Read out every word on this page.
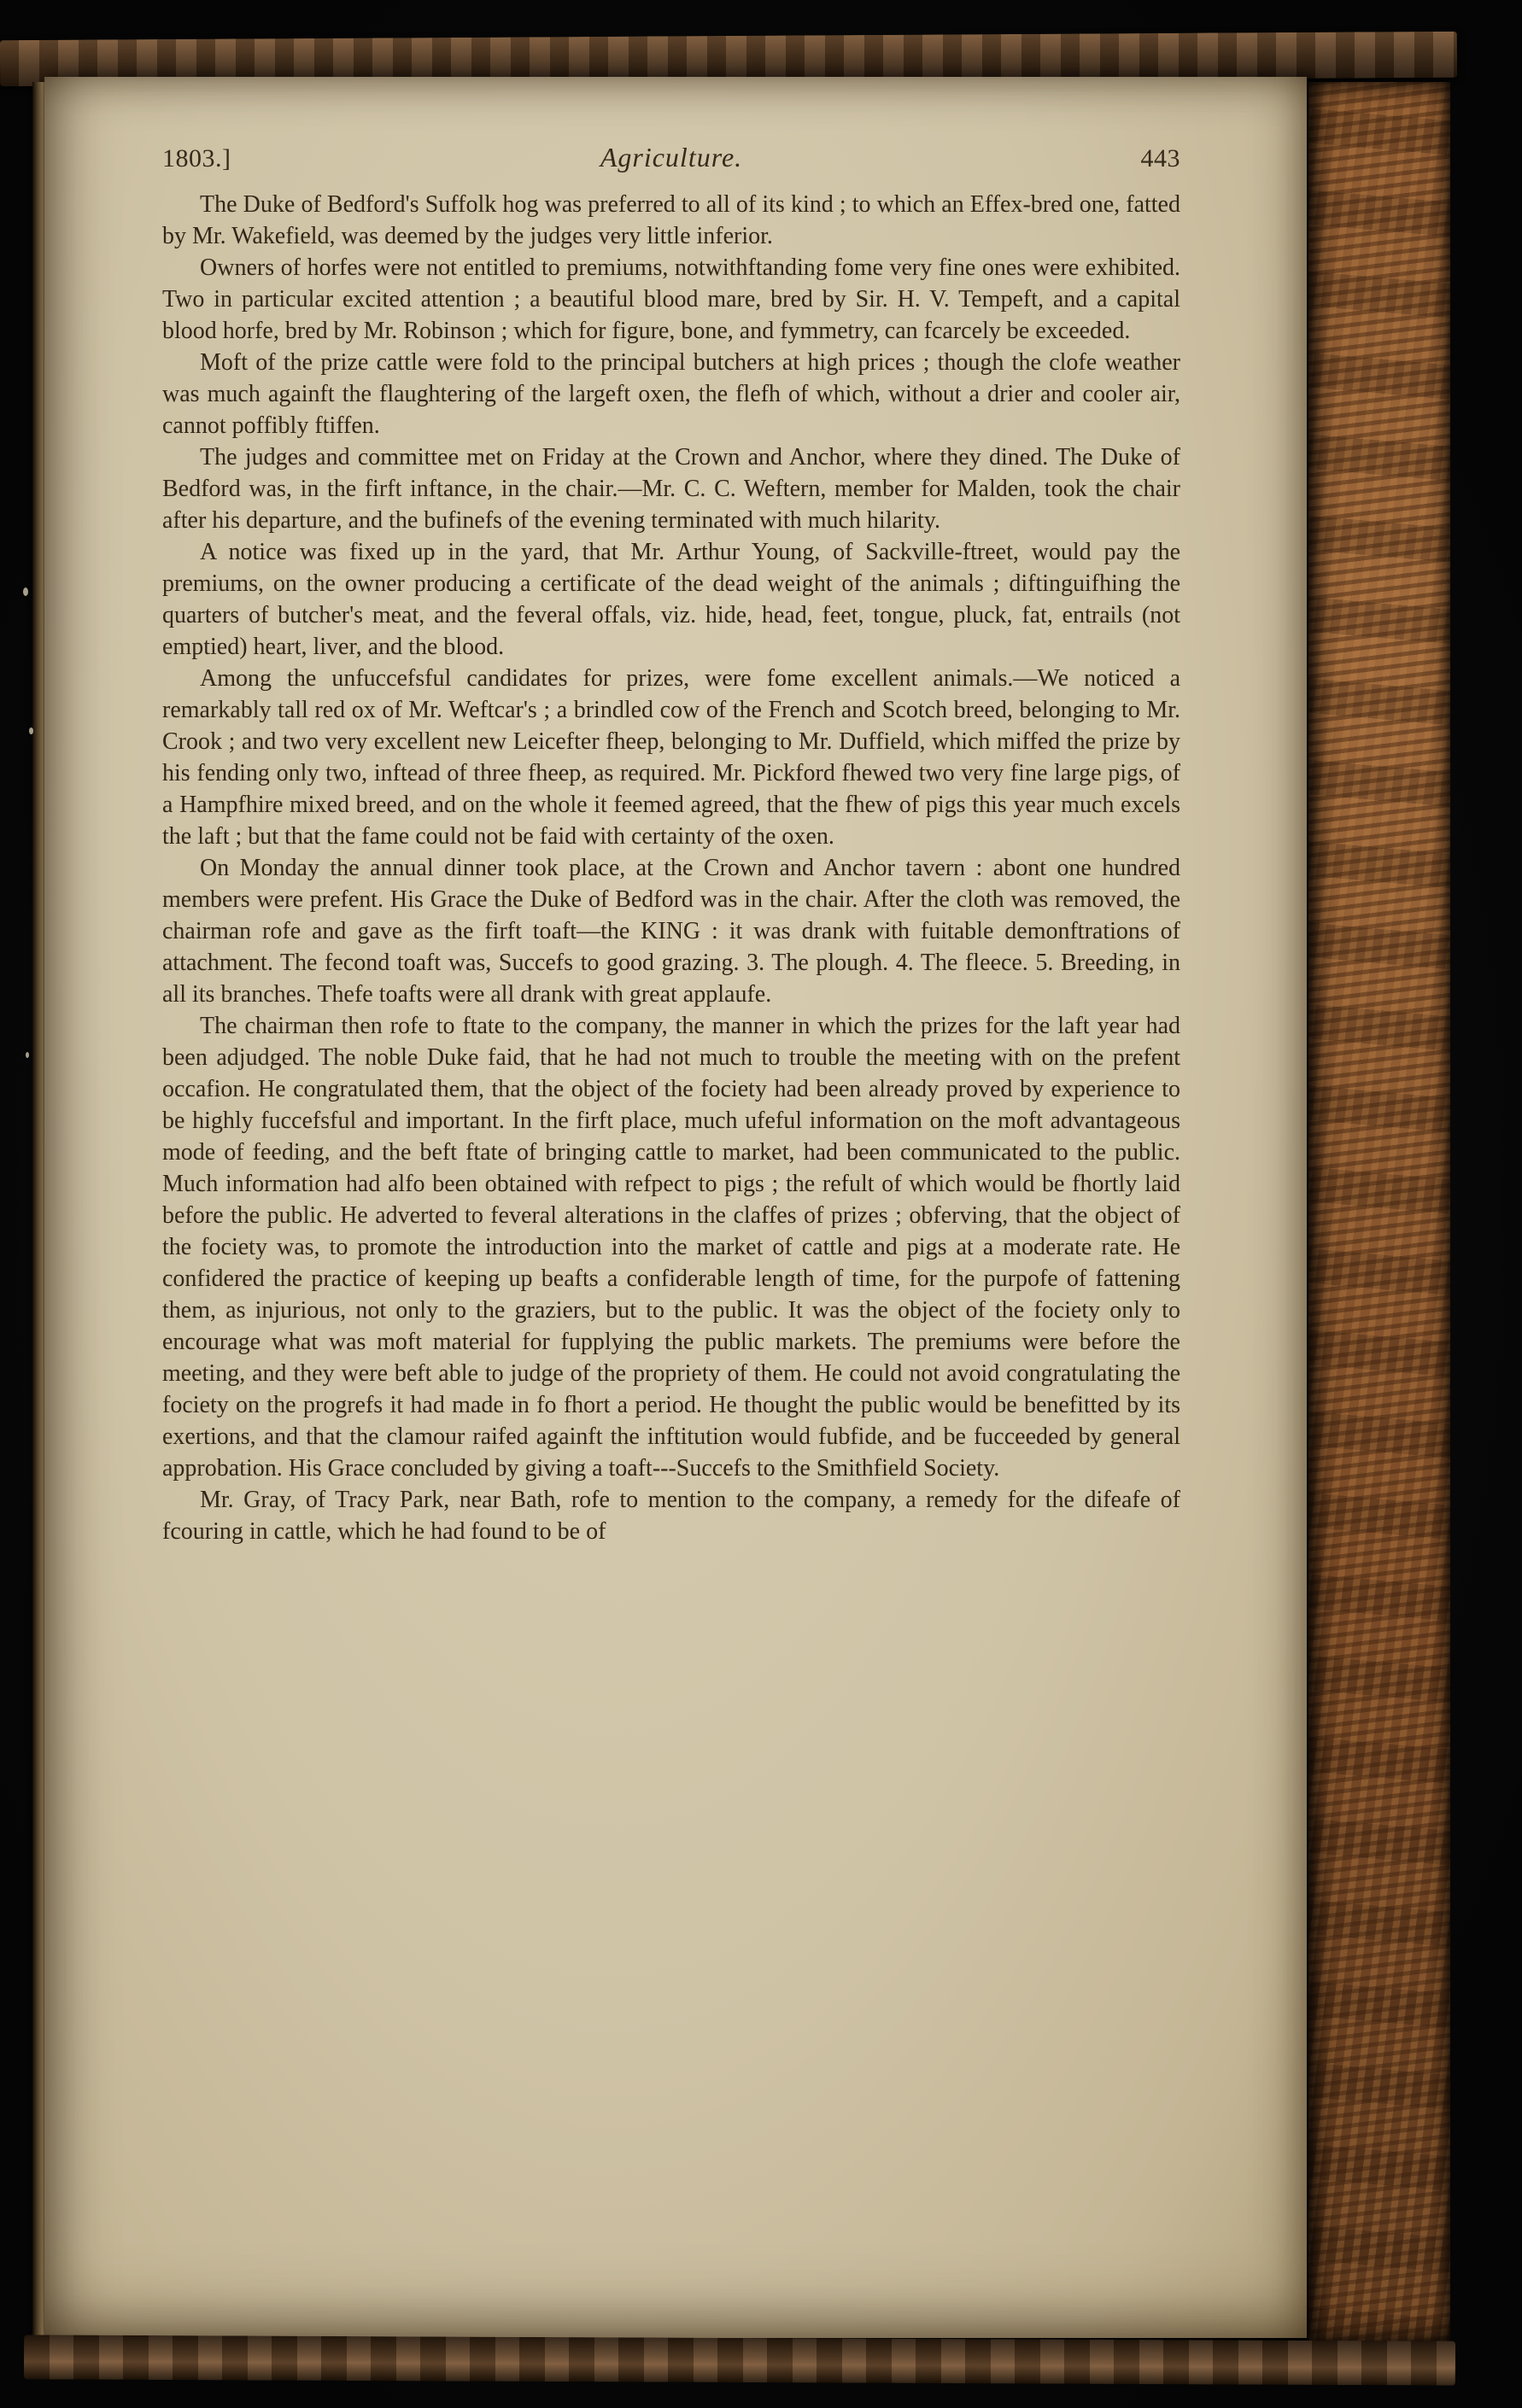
1803.]	Agriculture.	443

The Duke of Bedford's Suffolk hog was preferred to all of its kind ; to which an Effex-bred one, fatted by Mr. Wakefield, was deemed by the judges very little inferior.

Owners of horfes were not entitled to premiums, notwithftanding fome very fine ones were exhibited. Two in particular excited attention ; a beautiful blood mare, bred by Sir. H. V. Tempeft, and a capital blood horfe, bred by Mr. Robinson ; which for figure, bone, and fymmetry, can fcarcely be exceeded.

Moft of the prize cattle were fold to the principal butchers at high prices ; though the clofe weather was much againft the flaughtering of the largeft oxen, the flefh of which, without a drier and cooler air, cannot poffibly ftiffen.

The judges and committee met on Friday at the Crown and Anchor, where they dined. The Duke of Bedford was, in the firft inftance, in the chair.—Mr. C. C. Weftern, member for Malden, took the chair after his departure, and the bufinefs of the evening terminated with much hilarity.

A notice was fixed up in the yard, that Mr. Arthur Young, of Sackville-ftreet, would pay the premiums, on the owner producing a certificate of the dead weight of the animals ; diftinguifhing the quarters of butcher's meat, and the feveral offals, viz. hide, head, feet, tongue, pluck, fat, entrails (not emptied) heart, liver, and the blood.

Among the unfuccefsful candidates for prizes, were fome excellent animals.—We noticed a remarkably tall red ox of Mr. Weftcar's ; a brindled cow of the French and Scotch breed, belonging to Mr. Crook ; and two very excellent new Leicefter fheep, belonging to Mr. Duffield, which miffed the prize by his fending only two, inftead of three fheep, as required. Mr. Pickford fhewed two very fine large pigs, of a Hampfhire mixed breed, and on the whole it feemed agreed, that the fhew of pigs this year much excels the laft ; but that the fame could not be faid with certainty of the oxen.

On Monday the annual dinner took place, at the Crown and Anchor tavern : abont one hundred members were prefent. His Grace the Duke of Bedford was in the chair. After the cloth was removed, the chairman rofe and gave as the firft toaft—the KING : it was drank with fuitable demonftrations of attachment. The fecond toaft was, Succefs to good grazing. 3. The plough. 4. The fleece. 5. Breeding, in all its branches. Thefe toafts were all drank with great applaufe.

The chairman then rofe to ftate to the company, the manner in which the prizes for the laft year had been adjudged. The noble Duke faid, that he had not much to trouble the meeting with on the prefent occafion. He congratulated them, that the object of the fociety had been already proved by experience to be highly fuccefsful and important. In the firft place, much ufeful information on the moft advantageous mode of feeding, and the beft ftate of bringing cattle to market, had been communicated to the public. Much information had alfo been obtained with refpect to pigs ; the refult of which would be fhortly laid before the public. He adverted to feveral alterations in the claffes of prizes ; obferving, that the object of the fociety was, to promote the introduction into the market of cattle and pigs at a moderate rate. He confidered the practice of keeping up beafts a confiderable length of time, for the purpofe of fattening them, as injurious, not only to the graziers, but to the public. It was the object of the fociety only to encourage what was moft material for fupplying the public markets. The premiums were before the meeting, and they were beft able to judge of the propriety of them. He could not avoid congratulating the fociety on the progrefs it had made in fo fhort a period. He thought the public would be benefitted by its exertions, and that the clamour raifed againft the inftitution would fubfide, and be fucceeded by general approbation. His Grace concluded by giving a toaft---Succefs to the Smithfield Society.

Mr. Gray, of Tracy Park, near Bath, rofe to mention to the company, a remedy for the difeafe of fcouring in cattle, which he had found to be of
